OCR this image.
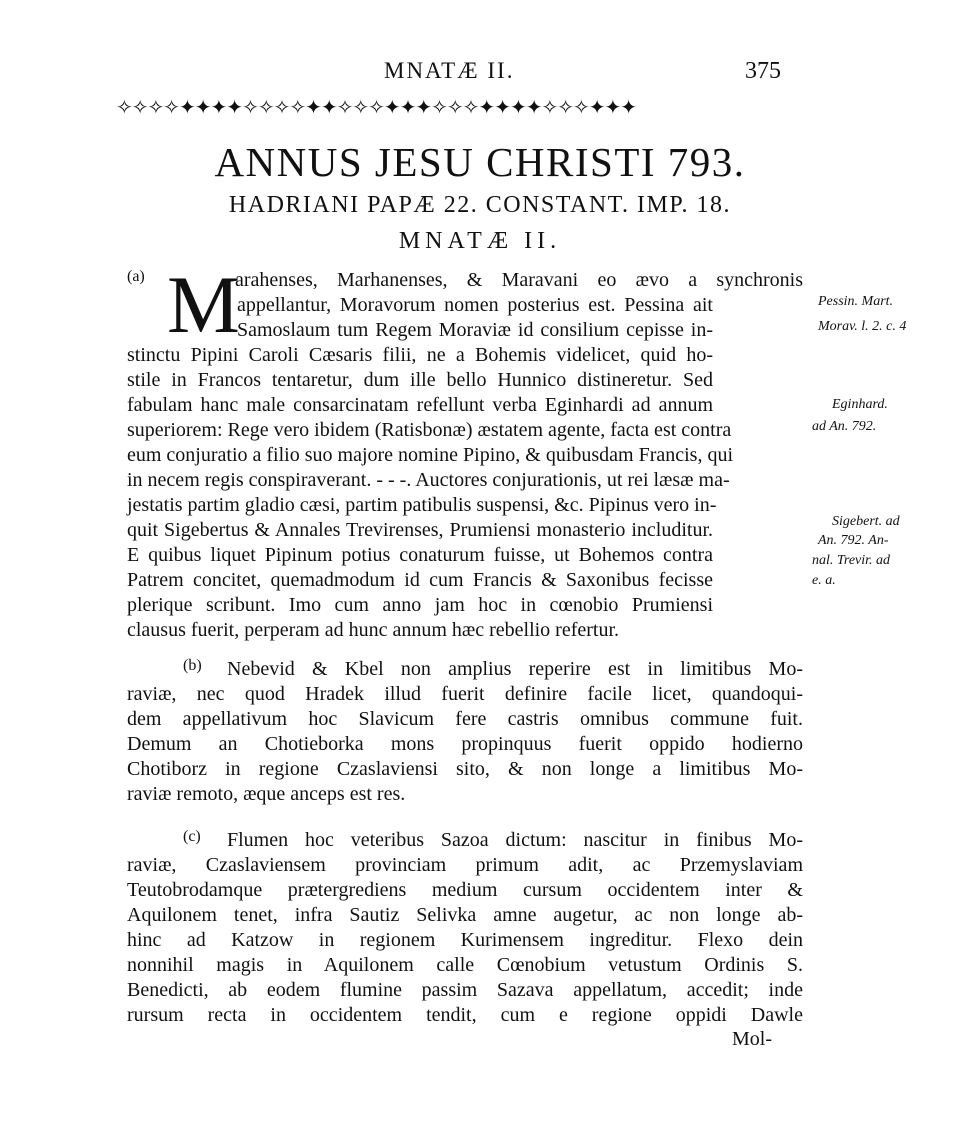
MNATÆ II.	375
✧✧✧✧✦✦✦✦✧✧✧✧✦✦✧✧✧✦✦✦✧✧✧✦✦✦✦✧✧✧✦✦✦
ANNUS JESU CHRISTI 793.
HADRIANI PAPÆ 22. CONSTANT. IMP. 18.
MNATÆ II.
(a) M
arahenses, Marhanenses, & Maravani eo ævo a synchronis
appellantur, Moravorum nomen posterius est. Pessina ait
Samoslaum tum Regem Moraviæ id consilium cepisse in-
stinctu Pipini Caroli Cæsaris filii, ne a Bohemis videlicet, quid ho-
stile in Francos tentaretur, dum ille bello Hunnico distineretur. Sed
fabulam hanc male consarcinatam refellunt verba Eginhardi ad annum
superiorem: Rege vero ibidem (Ratisbonæ) æstatem agente, facta est contra
eum conjuratio a filio suo majore nomine Pipino, & quibusdam Francis, qui
in necem regis conspiraverant. - - -. Auctores conjurationis, ut rei læsæ ma-
jestatis partim gladio cæsi, partim patibulis suspensi, &c. Pipinus vero in-
quit Sigebertus & Annales Trevirenses, Prumiensi monasterio includitur.
E quibus liquet Pipinum potius conaturum fuisse, ut Bohemos contra
Patrem concitet, quemadmodum id cum Francis & Saxonibus fecisse
plerique scribunt. Imo cum anno jam hoc in cœnobio Prumiensi
clausus fuerit, perperam ad hunc annum hæc rebellio refertur.
(b)	Nebevid & Kbel non amplius reperire est in limitibus Mo-
raviæ, nec quod Hradek illud fuerit definire facile licet, quandoqui-
dem appellativum hoc Slavicum fere castris omnibus commune fuit.
Demum an Chotieborka mons propinquus fuerit oppido hodierno
Chotiborz in regione Czaslaviensi sito, & non longe a limitibus Mo-
raviæ remoto, æque anceps est res.
(c)	Flumen hoc veteribus Sazoa dictum: nascitur in finibus Mo-
raviæ, Czaslaviensem provinciam primum adit, ac Przemyslaviam
Teutobrodamque prætergrediens medium cursum occidentem inter &
Aquilonem tenet, infra Sautiz Selivka amne augetur, ac non longe ab-
hinc ad Katzow in regionem Kurimensem ingreditur. Flexo dein
nonnihil magis in Aquilonem calle Cœnobium vetustum Ordinis S.
Benedicti, ab eodem flumine passim Sazava appellatum, accedit; inde
rursum recta in occidentem tendit, cum e regione oppidi Dawle
Mol-
Pessin. Mart.
Morav. l. 2. c. 4
Eginhard.
ad An. 792.
Sigebert. ad
An. 792. An-
nal. Trevir. ad
e. a.
